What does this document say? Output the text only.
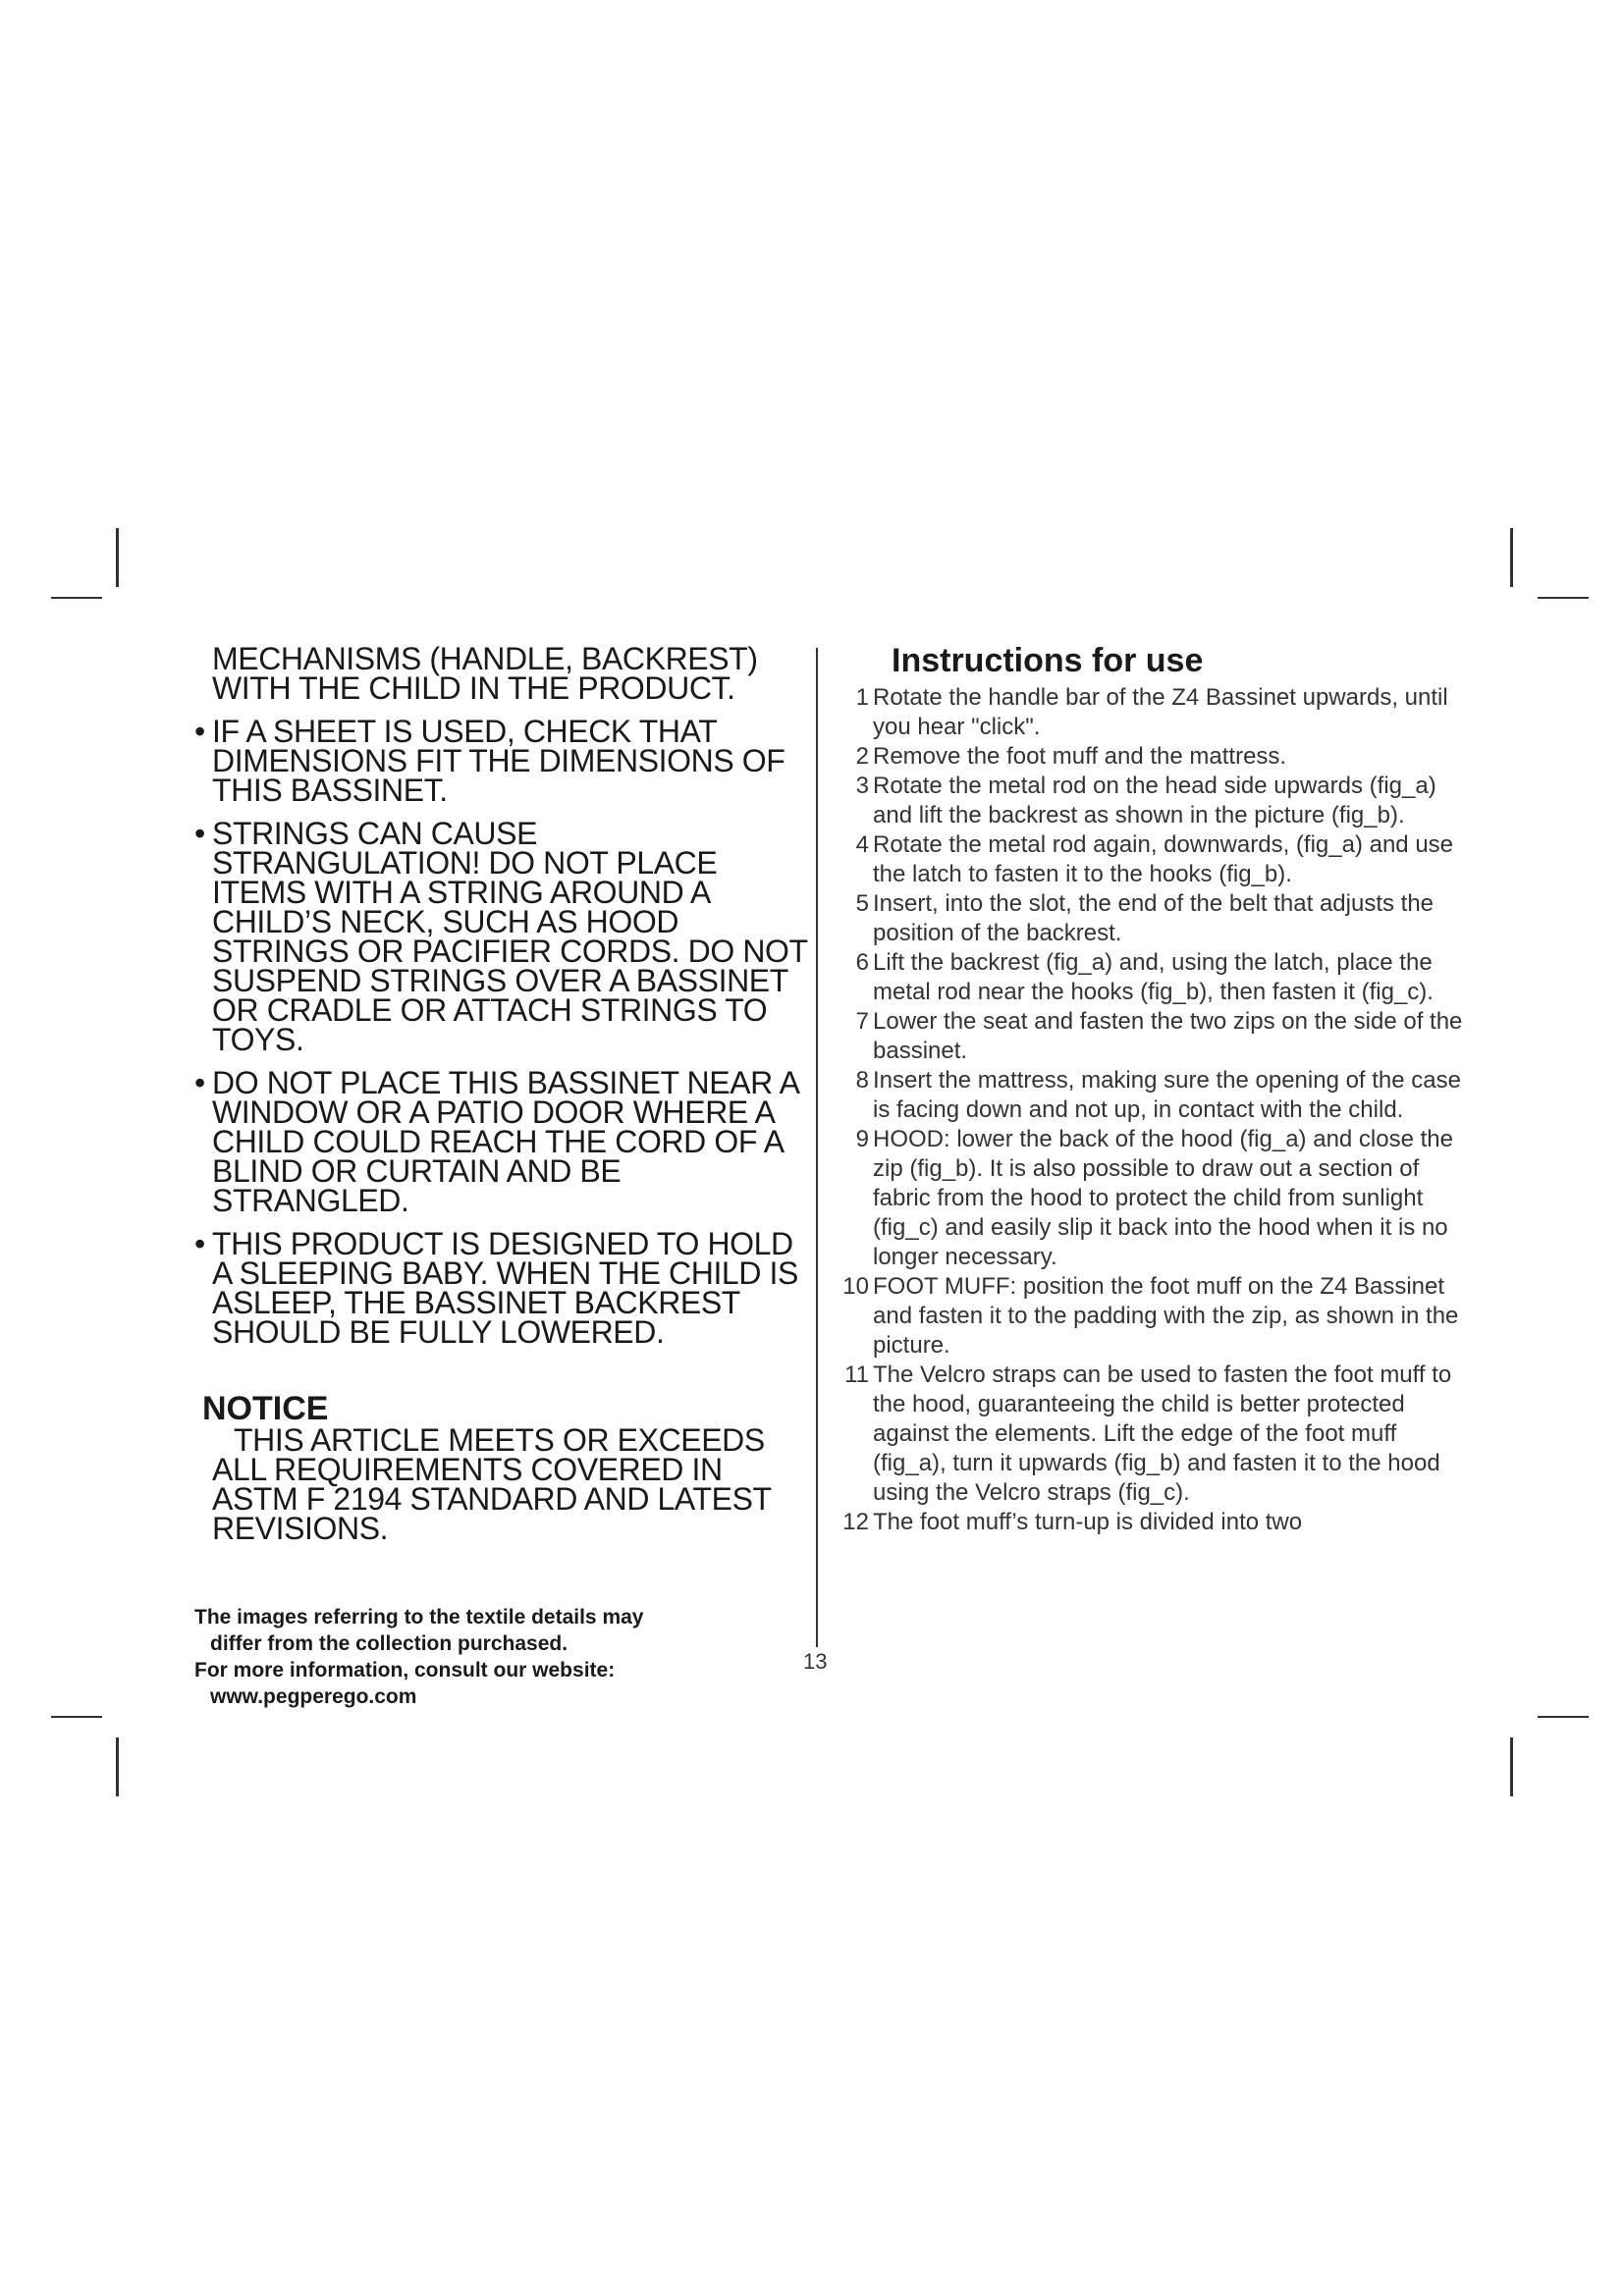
13
MECHANISMS (HANDLE, BACKREST) WITH THE CHILD IN THE PRODUCT.
• IF A SHEET IS USED, CHECK THAT DIMENSIONS FIT THE DIMENSIONS OF THIS BASSINET.
• STRINGS CAN CAUSE STRANGULATION! DO NOT PLACE ITEMS WITH A STRING AROUND A CHILD’S NECK, SUCH AS HOOD STRINGS OR PACIFIER CORDS. DO NOT SUSPEND STRINGS OVER A BASSINET OR CRADLE OR ATTACH STRINGS TO TOYS.
• DO NOT PLACE THIS BASSINET NEAR A WINDOW OR A PATIO DOOR WHERE A CHILD COULD REACH THE CORD OF A BLIND OR CURTAIN AND BE STRANGLED.
• THIS PRODUCT IS DESIGNED TO HOLD A SLEEPING BABY. WHEN THE CHILD IS ASLEEP, THE BASSINET BACKREST SHOULD BE FULLY LOWERED.
NOTICE
THIS ARTICLE MEETS OR EXCEEDS
ALL REQUIREMENTS COVERED IN
ASTM F 2194 STANDARD AND LATEST
REVISIONS.
The images referring to the textile details may
differ from the collection purchased.
For more information, consult our website:
www.pegperego.com
Instructions for use
1 Rotate the handle bar of the Z4 Bassinet upwards, until you hear "click".
2 Remove the foot muff and the mattress.
3 Rotate the metal rod on the head side upwards (fig_a) and lift the backrest as shown in the picture (fig_b).
4 Rotate the metal rod again, downwards, (fig_a) and use the latch to fasten it to the hooks (fig_b).
5 Insert, into the slot, the end of the belt that adjusts the position of the backrest.
6 Lift the backrest (fig_a) and, using the latch, place the metal rod near the hooks (fig_b), then fasten it (fig_c).
7 Lower the seat and fasten the two zips on the side of the bassinet.
8 Insert the mattress, making sure the opening of the case is facing down and not up, in contact with the child.
9 HOOD: lower the back of the hood (fig_a) and close the zip (fig_b). It is also possible to draw out a section of fabric from the hood to protect the child from sunlight (fig_c) and easily slip it back into the hood when it is no longer necessary.
10 FOOT MUFF: position the foot muff on the Z4 Bassinet and fasten it to the padding with the zip, as shown in the picture.
11 The Velcro straps can be used to fasten the foot muff to the hood, guaranteeing the child is better protected against the elements. Lift the edge of the foot muff (fig_a), turn it upwards (fig_b) and fasten it to the hood using the Velcro straps (fig_c).
12 The foot muff’s turn-up is divided into two
